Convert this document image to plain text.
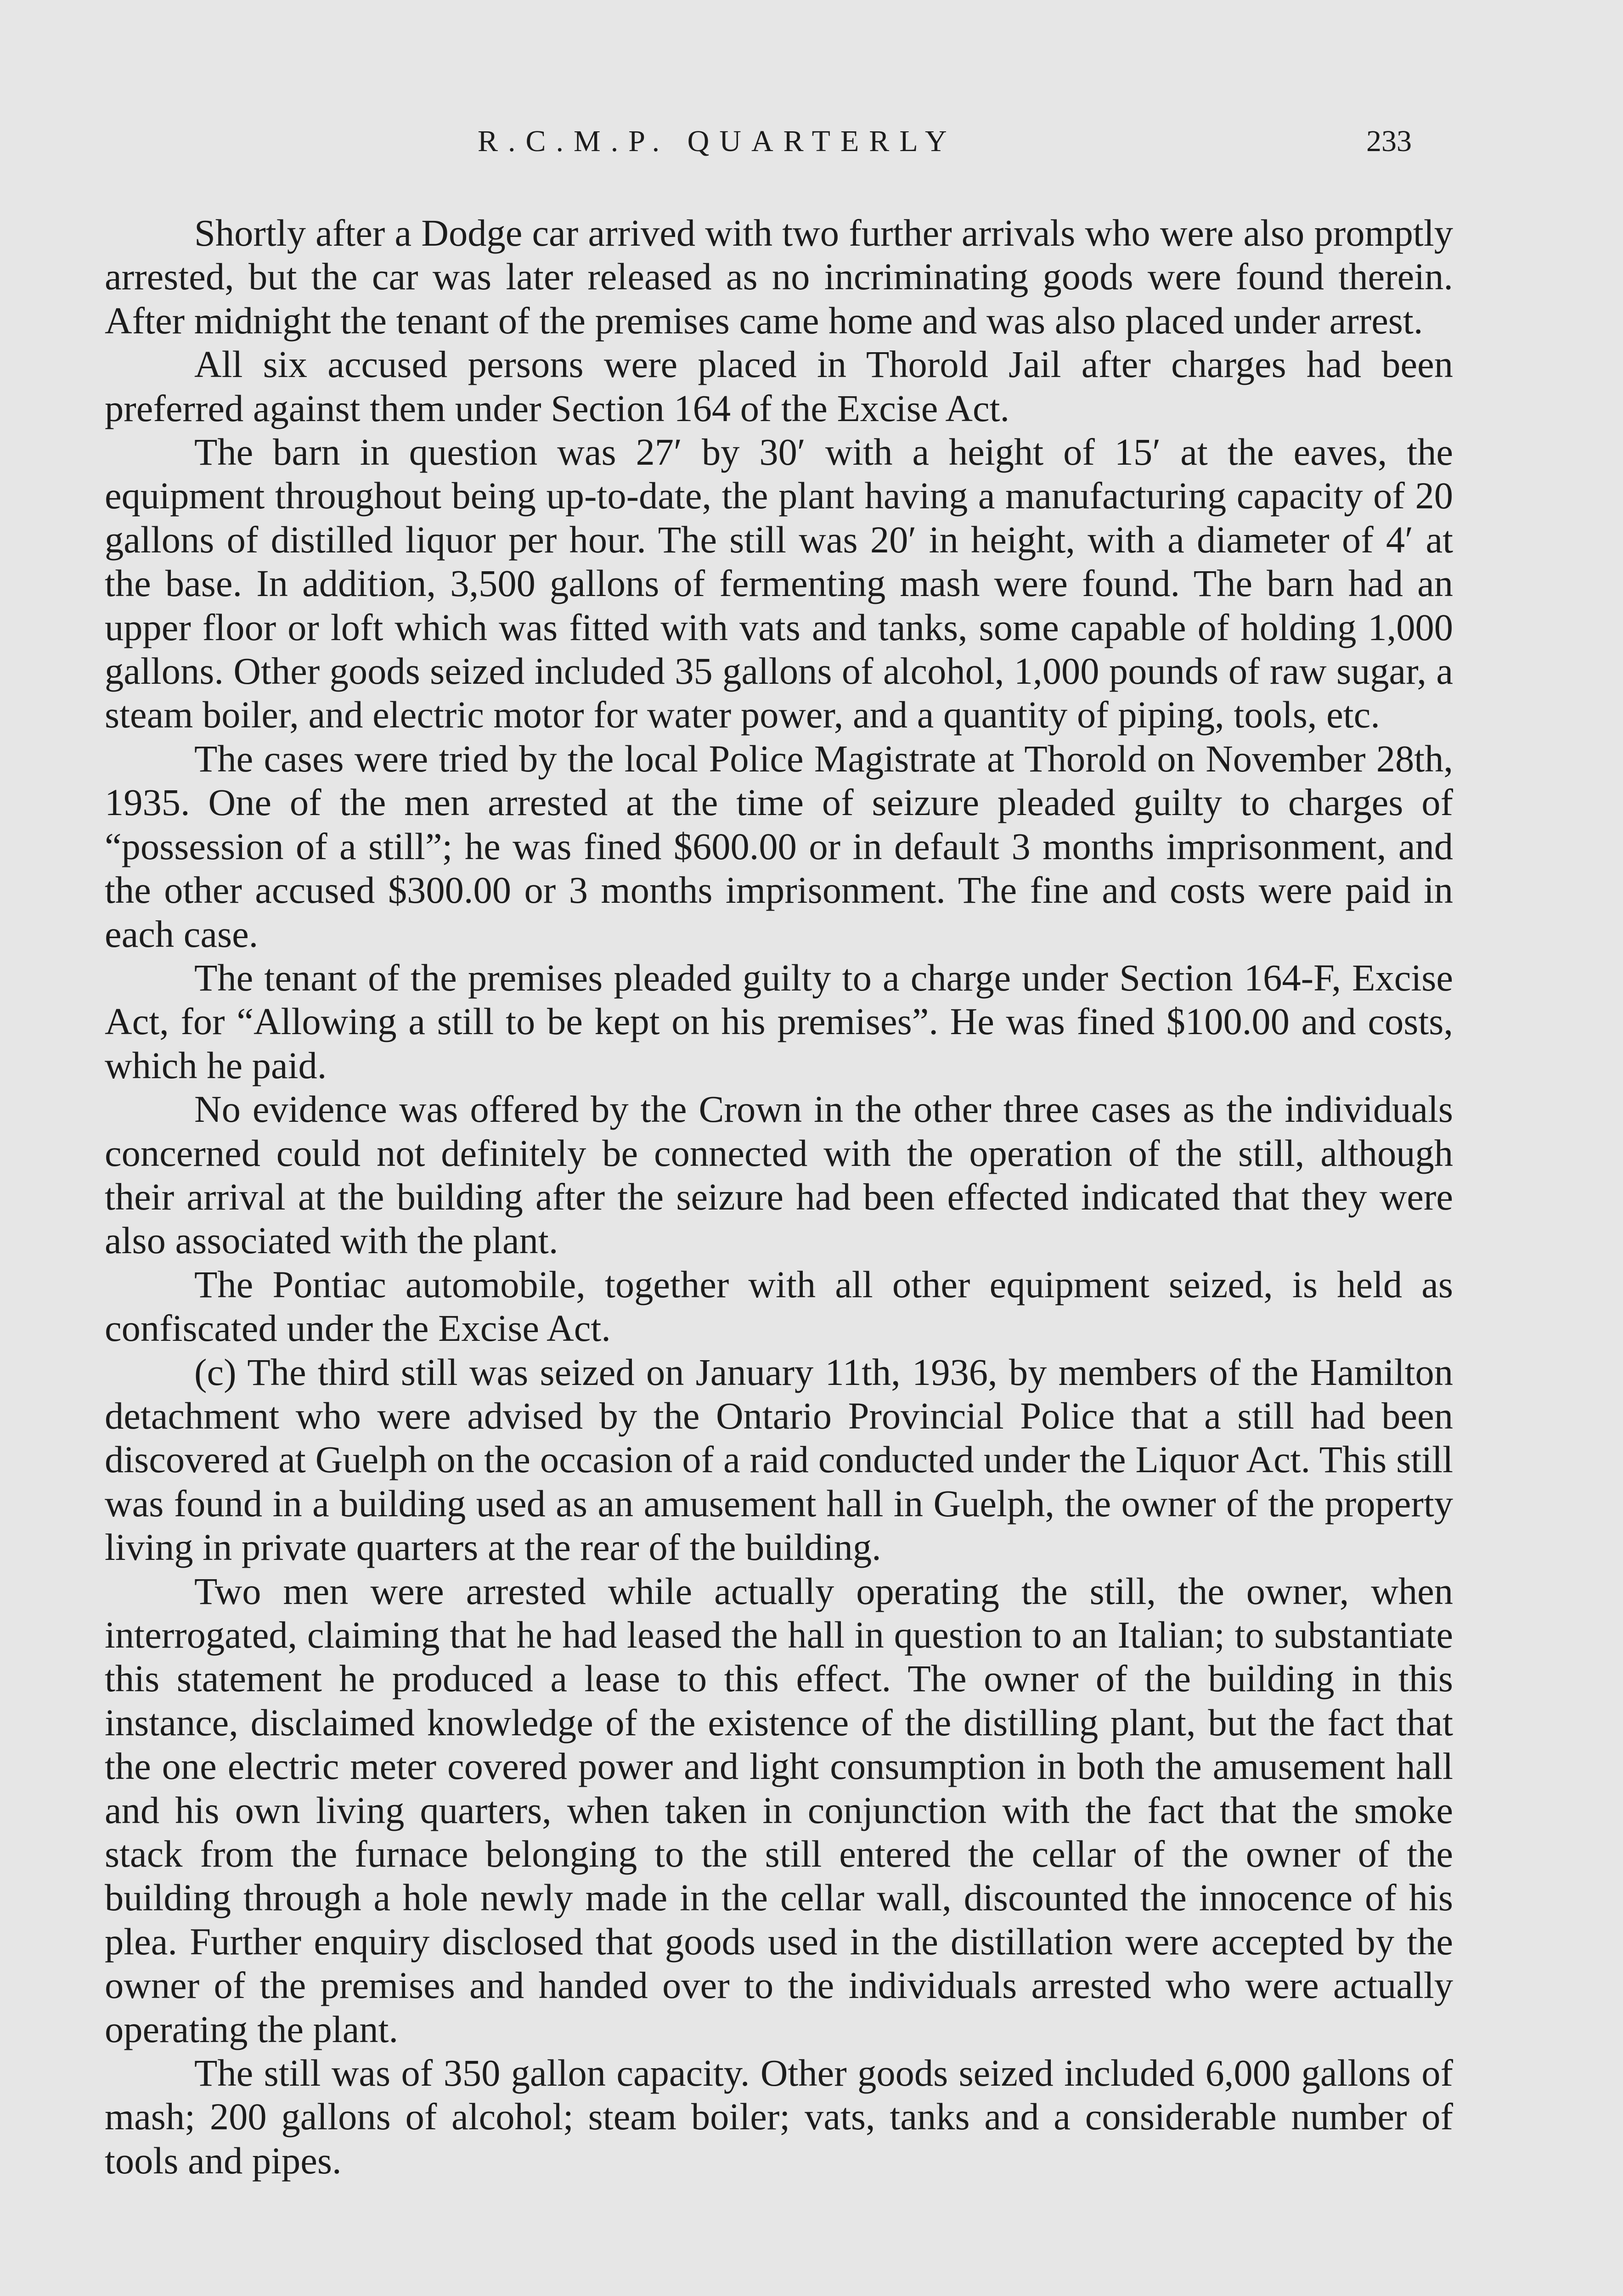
R.C.M.P. QUARTERLY	233

Shortly after a Dodge car arrived with two further arrivals who were also promptly arrested, but the car was later released as no incriminating goods were found therein. After midnight the tenant of the premises came home and was also placed under arrest.

All six accused persons were placed in Thorold Jail after charges had been preferred against them under Section 164 of the Excise Act.

The barn in question was 27′ by 30′ with a height of 15′ at the eaves, the equipment throughout being up-to-date, the plant having a manufacturing capacity of 20 gallons of distilled liquor per hour. The still was 20′ in height, with a diameter of 4′ at the base. In addition, 3,500 gallons of fermenting mash were found. The barn had an upper floor or loft which was fitted with vats and tanks, some capable of holding 1,000 gallons. Other goods seized included 35 gallons of alcohol, 1,000 pounds of raw sugar, a steam boiler, and electric motor for water power, and a quantity of piping, tools, etc.

The cases were tried by the local Police Magistrate at Thorold on November 28th, 1935. One of the men arrested at the time of seizure pleaded guilty to charges of “possession of a still”; he was fined $600.00 or in default 3 months imprisonment, and the other accused $300.00 or 3 months imprisonment. The fine and costs were paid in each case.

The tenant of the premises pleaded guilty to a charge under Section 164-F, Excise Act, for “Allowing a still to be kept on his premises”. He was fined $100.00 and costs, which he paid.

No evidence was offered by the Crown in the other three cases as the individuals concerned could not definitely be connected with the operation of the still, although their arrival at the building after the seizure had been effected indicated that they were also associated with the plant.

The Pontiac automobile, together with all other equipment seized, is held as confiscated under the Excise Act.

(c) The third still was seized on January 11th, 1936, by members of the Hamilton detachment who were advised by the Ontario Provincial Police that a still had been discovered at Guelph on the occasion of a raid conducted under the Liquor Act. This still was found in a building used as an amusement hall in Guelph, the owner of the property living in private quarters at the rear of the building.

Two men were arrested while actually operating the still, the owner, when interrogated, claiming that he had leased the hall in question to an Italian; to substantiate this statement he produced a lease to this effect. The owner of the building in this instance, disclaimed knowledge of the existence of the distilling plant, but the fact that the one electric meter covered power and light consumption in both the amusement hall and his own living quarters, when taken in conjunction with the fact that the smoke stack from the furnace belonging to the still entered the cellar of the owner of the building through a hole newly made in the cellar wall, discounted the innocence of his plea. Further enquiry disclosed that goods used in the distillation were accepted by the owner of the premises and handed over to the individuals arrested who were actually operating the plant.

The still was of 350 gallon capacity. Other goods seized included 6,000 gallons of mash; 200 gallons of alcohol; steam boiler; vats, tanks and a considerable number of tools and pipes.
